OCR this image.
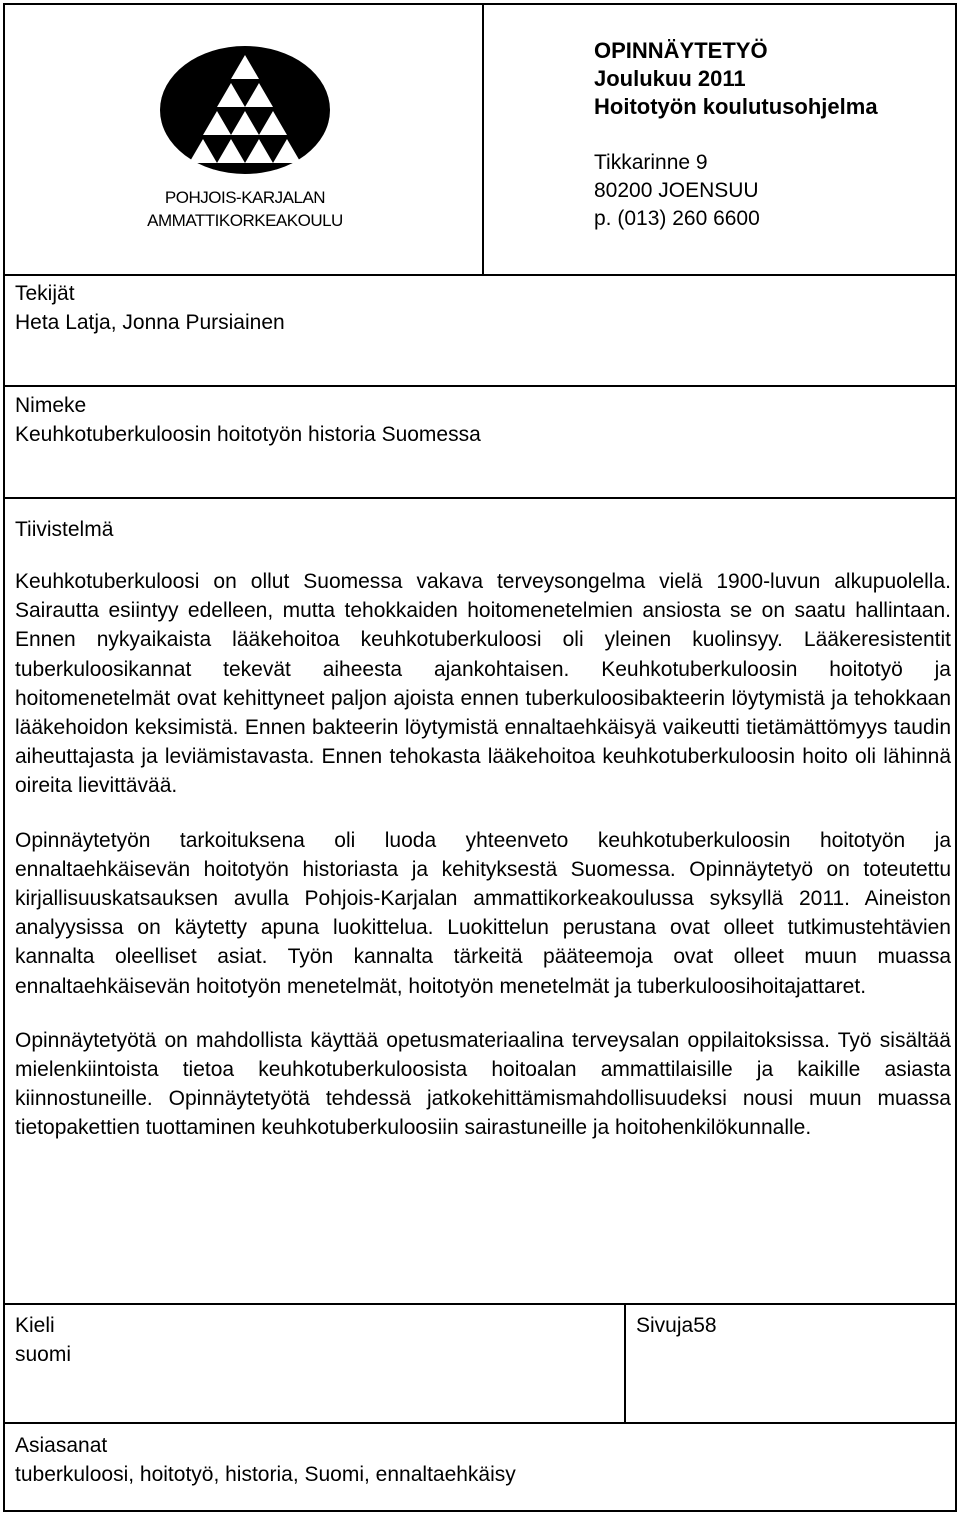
POHJOIS-KARJALAN
AMMATTIKORKEAKOULU
OPINNÄYTETYÖ
Joulukuu 2011
Hoitotyön koulutusohjelma
Tikkarinne 9
80200 JOENSUU
p. (013) 260 6600
Tekijät
Heta Latja, Jonna Pursiainen
Nimeke
Keuhkotuberkuloosin hoitotyön historia Suomessa
Tiivistelmä

Keuhkotuberkuloosi on ollut Suomessa vakava terveysongelma vielä 1900-luvun alkupuolella. Sairautta esiintyy edelleen, mutta tehokkaiden hoitomenetelmien ansiosta se on saatu hallintaan. Ennen nykyaikaista lääkehoitoa keuhkotuberkuloosi oli yleinen kuolinsyy. Lääkeresistentit tuberkuloosikannat tekevät aiheesta ajankohtaisen. Keuhkotuberkuloosin hoitotyö ja hoitomenetelmät ovat kehittyneet paljon ajoista ennen tuberkuloosibakteerin löytymistä ja tehokkaan lääkehoidon keksimistä. Ennen bakteerin löytymistä ennaltaehkäisyä vaikeutti tietämättömyys taudin aiheuttajasta ja leviämistavasta. Ennen tehokasta lääkehoitoa keuhkotuberkuloosin hoito oli lähinnä oireita lievittävää.

Opinnäytetyön tarkoituksena oli luoda yhteenveto keuhkotuberkuloosin hoitotyön ja ennaltaehkäisevän hoitotyön historiasta ja kehityksestä Suomessa. Opinnäytetyö on toteutettu kirjallisuuskatsauksen avulla Pohjois-Karjalan ammattikorkeakoulussa syksyllä 2011. Aineiston analyysissa on käytetty apuna luokittelua. Luokittelun perustana ovat olleet tutkimustehtävien kannalta oleelliset asiat. Työn kannalta tärkeitä pääteemoja ovat olleet muun muassa ennaltaehkäisevän hoitotyön menetelmät, hoitotyön menetelmät ja tuberkuloosihoitajattaret.

Opinnäytetyötä on mahdollista käyttää opetusmateriaalina terveysalan oppilaitoksissa. Työ sisältää mielenkiintoista tietoa keuhkotuberkuloosista hoitoalan ammattilaisille ja kaikille asiasta kiinnostuneille. Opinnäytetyötä tehdessä jatkokehittämismahdollisuudeksi nousi muun muassa tietopakettien tuottaminen keuhkotuberkuloosiin sairastuneille ja hoitohenkilökunnalle.

Kieli
suomi
Sivuja58
Asiasanat
tuberkuloosi, hoitotyö, historia, Suomi, ennaltaehkäisy
